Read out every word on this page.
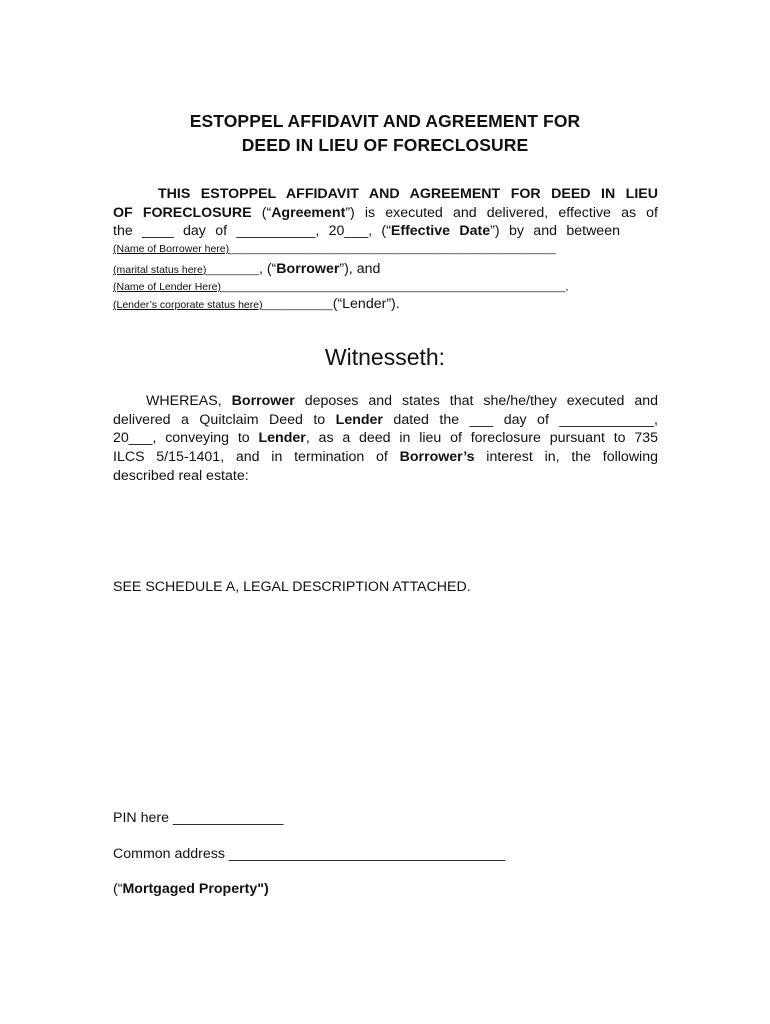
ESTOPPEL AFFIDAVIT AND AGREEMENT FOR
DEED IN LIEU OF FORECLOSURE
THIS ESTOPPEL AFFIDAVIT AND AGREEMENT FOR DEED IN LIEU
OF FORECLOSURE (“Agreement”) is executed and delivered, effective as of
the ____ day of __________, 20___, (“Effective Date”) by and between
(Name of Borrower here)________________________________________________________
(marital status here)_________, (“Borrower”), and
(Name of Lender Here)___________________________________________________________,
(Lender’s corporate status here)____________(“Lender”).
Witnesseth:
WHEREAS, Borrower deposes and states that she/he/they executed and
delivered a Quitclaim Deed to Lender dated the ___ day of ____________,
20___, conveying to Lender, as a deed in lieu of foreclosure pursuant to 735
ILCS 5/15-1401, and in termination of Borrower’s interest in, the following
described real estate:
SEE SCHEDULE A, LEGAL DESCRIPTION ATTACHED.
PIN here ______________
Common address ___________________________________
(“Mortgaged Property")
